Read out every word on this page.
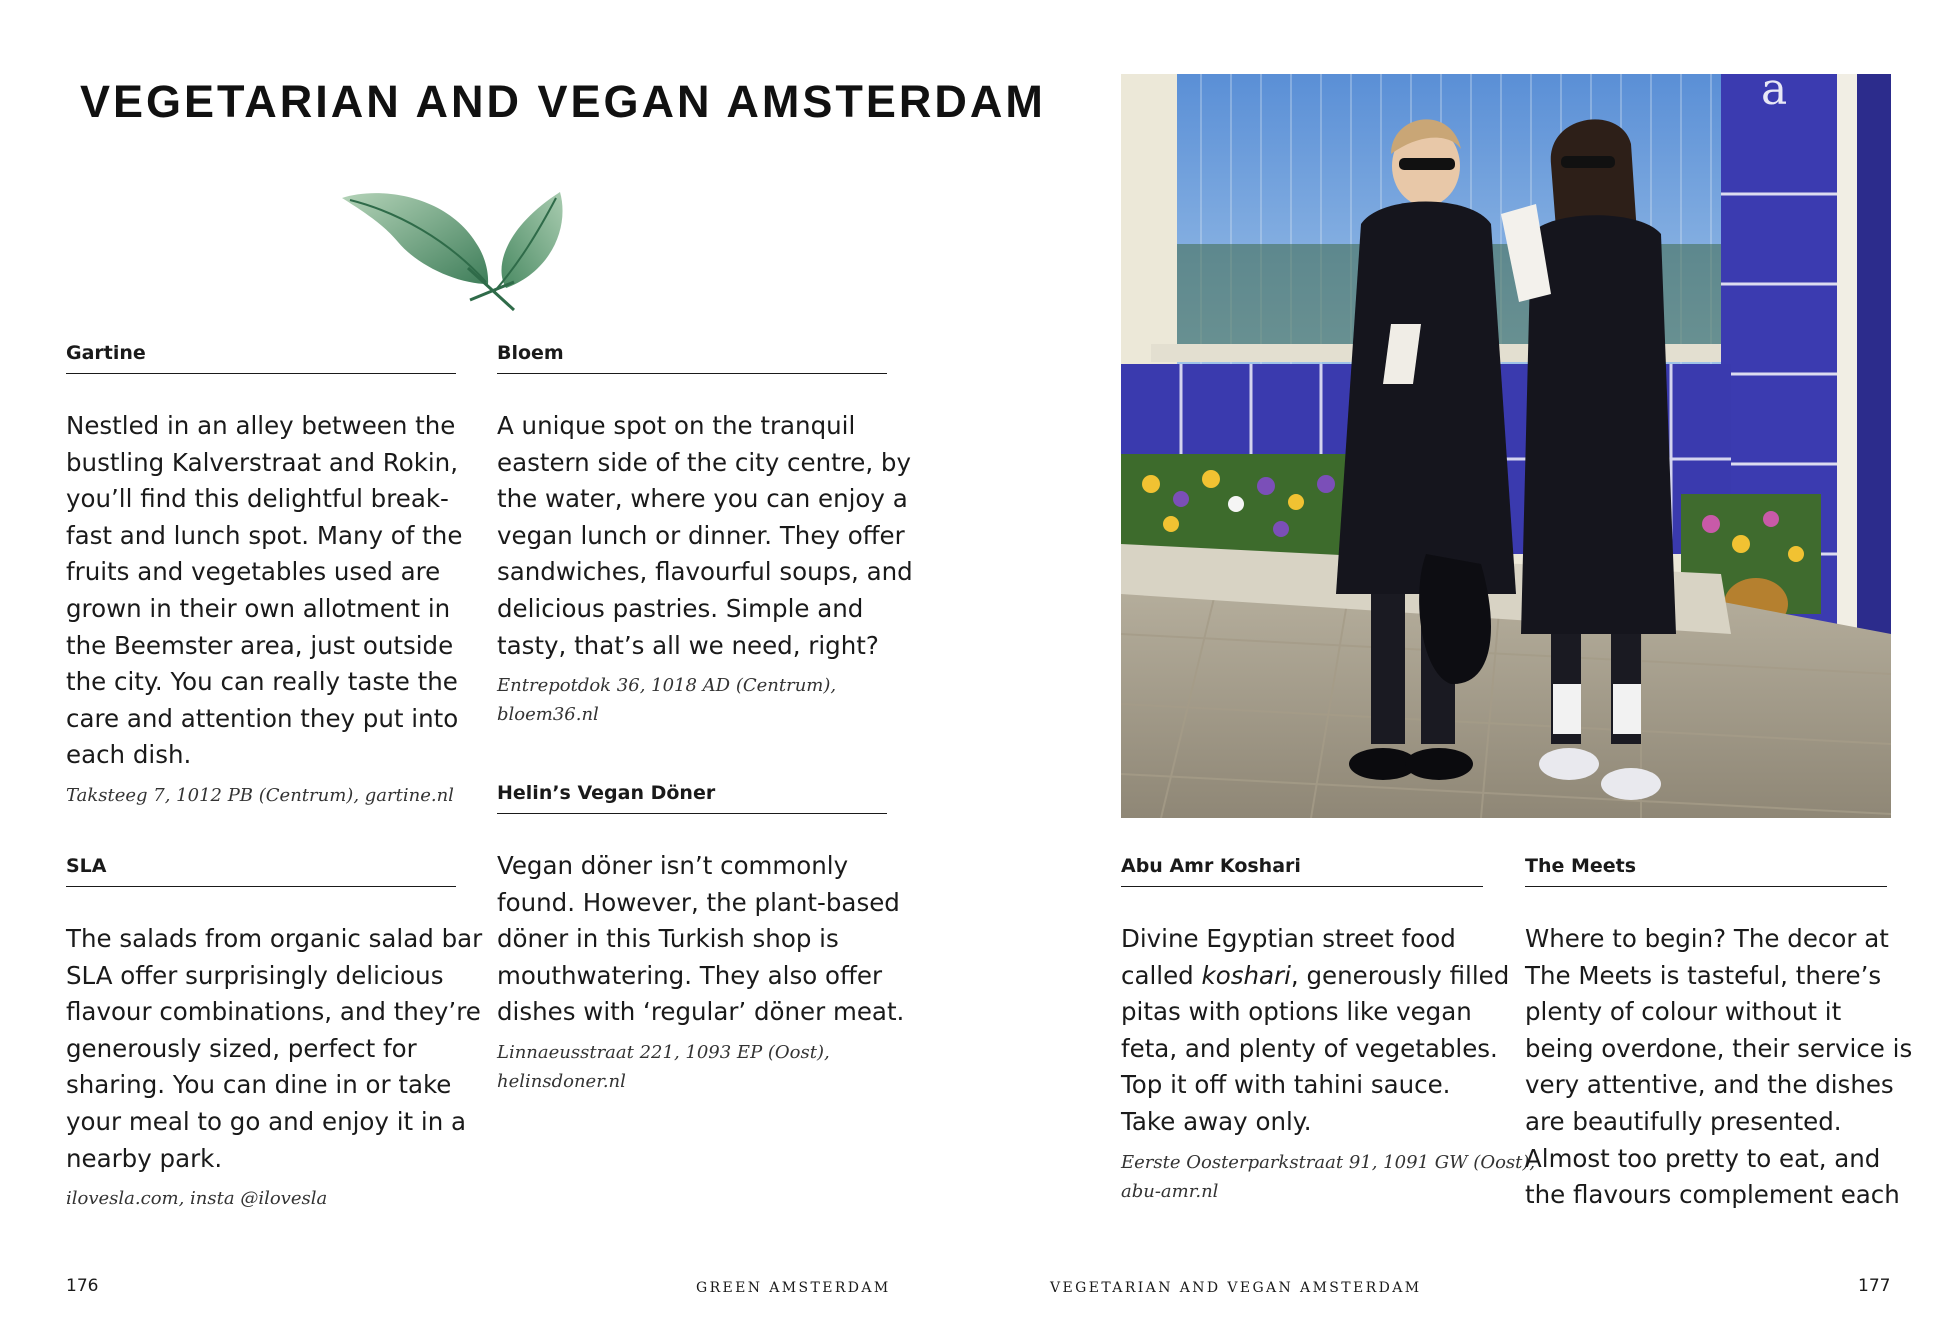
VEGETARIAN AND VEGAN AMSTERDAM
Gartine
Nestled in an alley between the
bustling Kalverstraat and Rokin,
you’ll find this delightful break-
fast and lunch spot. Many of the
fruits and vegetables used are
grown in their own allotment in
the Beemster area, just outside
the city. You can really taste the
care and attention they put into
each dish.
Taksteeg 7, 1012 PB (Centrum), gartine.nl
Bloem
A unique spot on the tranquil
eastern side of the city centre, by
the water, where you can enjoy a
vegan lunch or dinner. They offer
sandwiches, flavourful soups, and
delicious pastries. Simple and
tasty, that’s all we need, right?
Entrepotdok 36, 1018 AD (Centrum),
bloem36.nl
Helin’s Vegan Döner
Vegan döner isn’t commonly
found. However, the plant-based
döner in this Turkish shop is
mouthwatering. They also offer
dishes with ‘regular’ döner meat.
Linnaeusstraat 221, 1093 EP (Oost),
helinsdoner.nl
SLA
The salads from organic salad bar
SLA offer surprisingly delicious
flavour combinations, and they’re
generously sized, perfect for
sharing. You can dine in or take
your meal to go and enjoy it in a
nearby park.
ilovesla.com, insta @ilovesla
a
Abu Amr Koshari
Divine Egyptian street food
called koshari, generously filled
pitas with options like vegan
feta, and plenty of vegetables.
Top it off with tahini sauce.
Take away only.
Eerste Oosterparkstraat 91, 1091 GW (Oost),
abu-amr.nl
The Meets
Where to begin? The decor at
The Meets is tasteful, there’s
plenty of colour without it
being overdone, their service is
very attentive, and the dishes
are beautifully presented.
Almost too pretty to eat, and
the flavours complement each
176	GREEN AMSTERDAM	VEGETARIAN AND VEGAN AMSTERDAM	177
